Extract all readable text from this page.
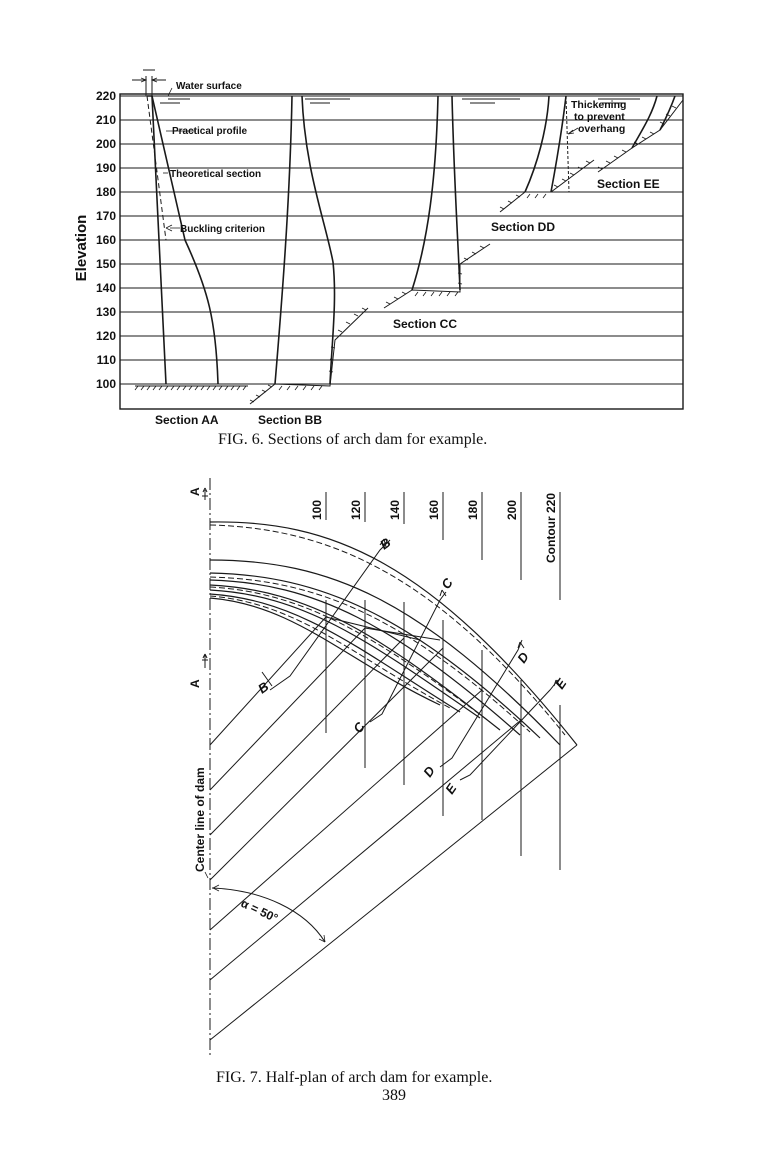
220
210
200
190
180
170
160
150
140
130
120
110
100
Elevation
Water surface
Practical profile
Theoretical section
Buckling criterion
Thickening
to prevent
overhang
Section AA	Section BB
Section CC
Section DD
Section EE
FIG. 6. Sections of arch dam for example.
Center line of dam
A
A
100 120 140 160 180 200 Contour 220
B
B
C
C
D
D
E
E
α = 50°
FIG. 7. Half-plan of arch dam for example.
389
